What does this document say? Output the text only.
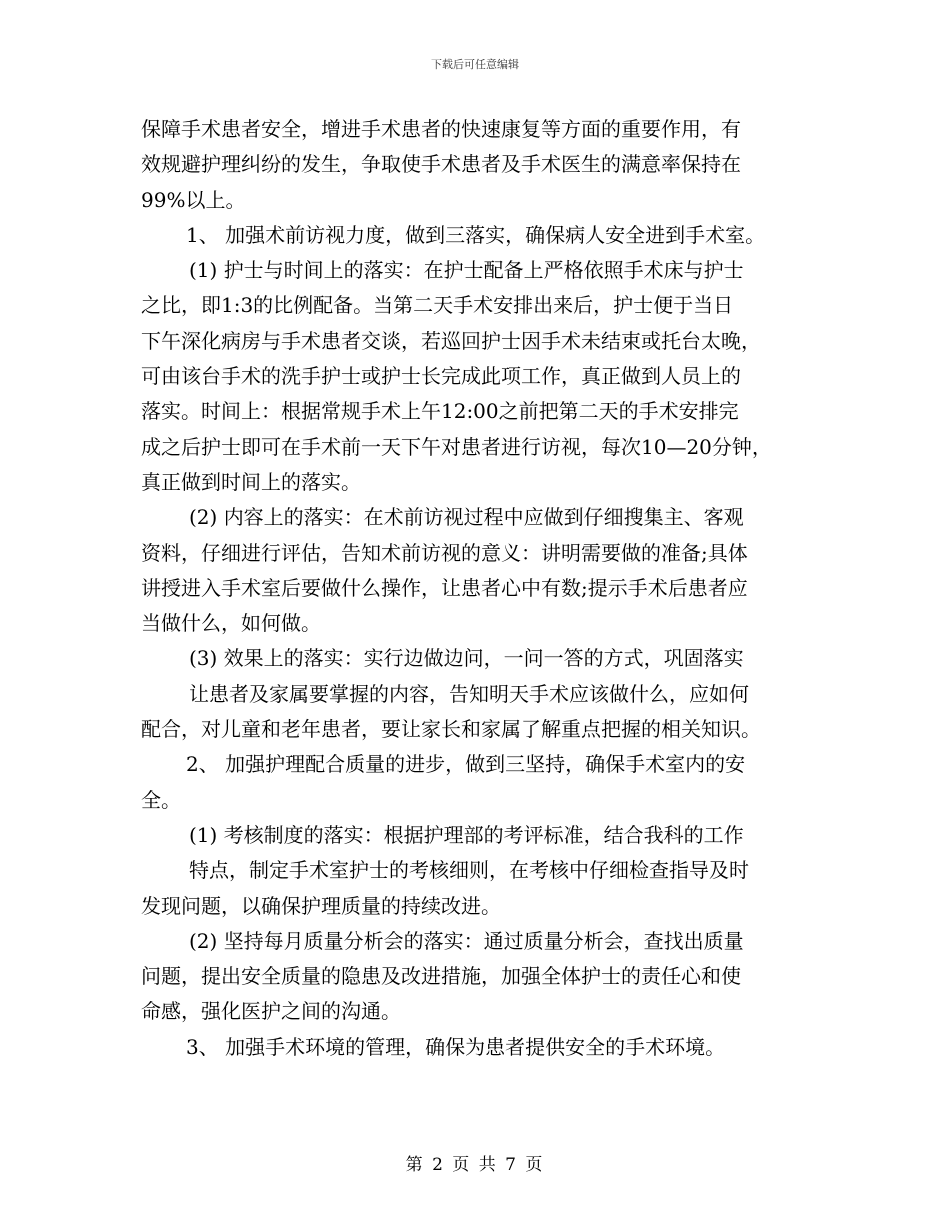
下载后可任意编辑
保障手术患者安全，增进手术患者的快速康复等方面的重要作用，有
效规避护理纠纷的发生，争取使手术患者及手术医生的满意率保持在
99%以上。
1、 加强术前访视力度，做到三落实，确保病人安全进到手术室。
(1) 护士与时间上的落实：在护士配备上严格依照手术床与护士
之比，即1:3的比例配备。当第二天手术安排出来后，护士便于当日
下午深化病房与手术患者交谈，若巡回护士因手术未结束或托台太晚，
可由该台手术的洗手护士或护士长完成此项工作，真正做到人员上的
落实。时间上：根据常规手术上午12:00之前把第二天的手术安排完
成之后护士即可在手术前一天下午对患者进行访视，每次10—20分钟，
真正做到时间上的落实。
(2) 内容上的落实：在术前访视过程中应做到仔细搜集主、客观
资料，仔细进行评估，告知术前访视的意义：讲明需要做的准备;具体
讲授进入手术室后要做什么操作，让患者心中有数;提示手术后患者应
当做什么，如何做。
(3) 效果上的落实：实行边做边问，一问一答的方式，巩固落实
让患者及家属要掌握的内容，告知明天手术应该做什么，应如何
配合，对儿童和老年患者，要让家长和家属了解重点把握的相关知识。
2、 加强护理配合质量的进步，做到三坚持，确保手术室内的安
全。
(1) 考核制度的落实：根据护理部的考评标准，结合我科的工作
特点，制定手术室护士的考核细则，在考核中仔细检查指导及时
发现问题，以确保护理质量的持续改进。
(2) 坚持每月质量分析会的落实：通过质量分析会，查找出质量
问题，提出安全质量的隐患及改进措施，加强全体护士的责任心和使
命感，强化医护之间的沟通。
3、 加强手术环境的管理，确保为患者提供安全的手术环境。
第 2 页 共 7 页
